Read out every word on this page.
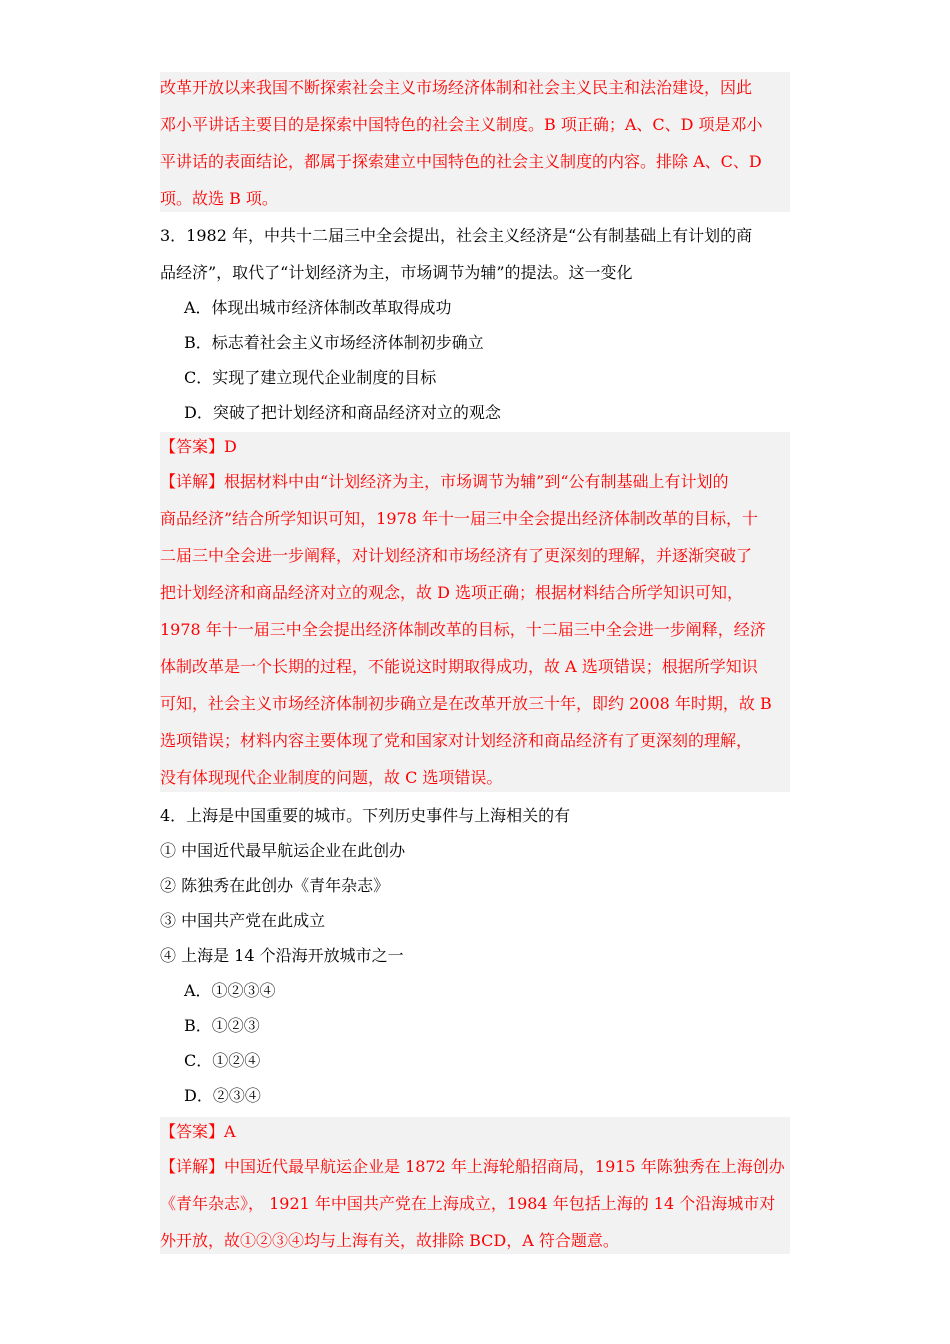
改革开放以来我国不断探索社会主义市场经济体制和社会主义民主和法治建设，因此
邓小平讲话主要目的是探索中国特色的社会主义制度。B 项正确；A、C、D 项是邓小
平讲话的表面结论，都属于探索建立中国特色的社会主义制度的内容。排除 A、C、D
项。故选 B 项。
3．1982 年，中共十二届三中全会提出，社会主义经济是“公有制基础上有计划的商
品经济”，取代了“计划经济为主，市场调节为辅”的提法。这一变化
A．体现出城市经济体制改革取得成功
B．标志着社会主义市场经济体制初步确立
C．实现了建立现代企业制度的目标
D．突破了把计划经济和商品经济对立的观念
【答案】D
【详解】根据材料中由“计划经济为主，市场调节为辅”到“公有制基础上有计划的
商品经济”结合所学知识可知，1978 年十一届三中全会提出经济体制改革的目标，十
二届三中全会进一步阐释，对计划经济和市场经济有了更深刻的理解，并逐渐突破了
把计划经济和商品经济对立的观念，故 D 选项正确；根据材料结合所学知识可知，
1978 年十一届三中全会提出经济体制改革的目标，十二届三中全会进一步阐释，经济
体制改革是一个长期的过程，不能说这时期取得成功，故 A 选项错误；根据所学知识
可知，社会主义市场经济体制初步确立是在改革开放三十年，即约 2008 年时期，故 B
选项错误；材料内容主要体现了党和国家对计划经济和商品经济有了更深刻的理解，
没有体现现代企业制度的问题，故 C 选项错误。
4．上海是中国重要的城市。下列历史事件与上海相关的有
① 中国近代最早航运企业在此创办
② 陈独秀在此创办《青年杂志》
③ 中国共产党在此成立
④ 上海是 14 个沿海开放城市之一
A．①②③④
B．①②③
C．①②④
D．②③④
【答案】A
【详解】中国近代最早航运企业是 1872 年上海轮船招商局，1915 年陈独秀在上海创办
《青年杂志》， 1921 年中国共产党在上海成立，1984 年包括上海的 14 个沿海城市对
外开放，故①②③④均与上海有关，故排除 BCD，A 符合题意。
